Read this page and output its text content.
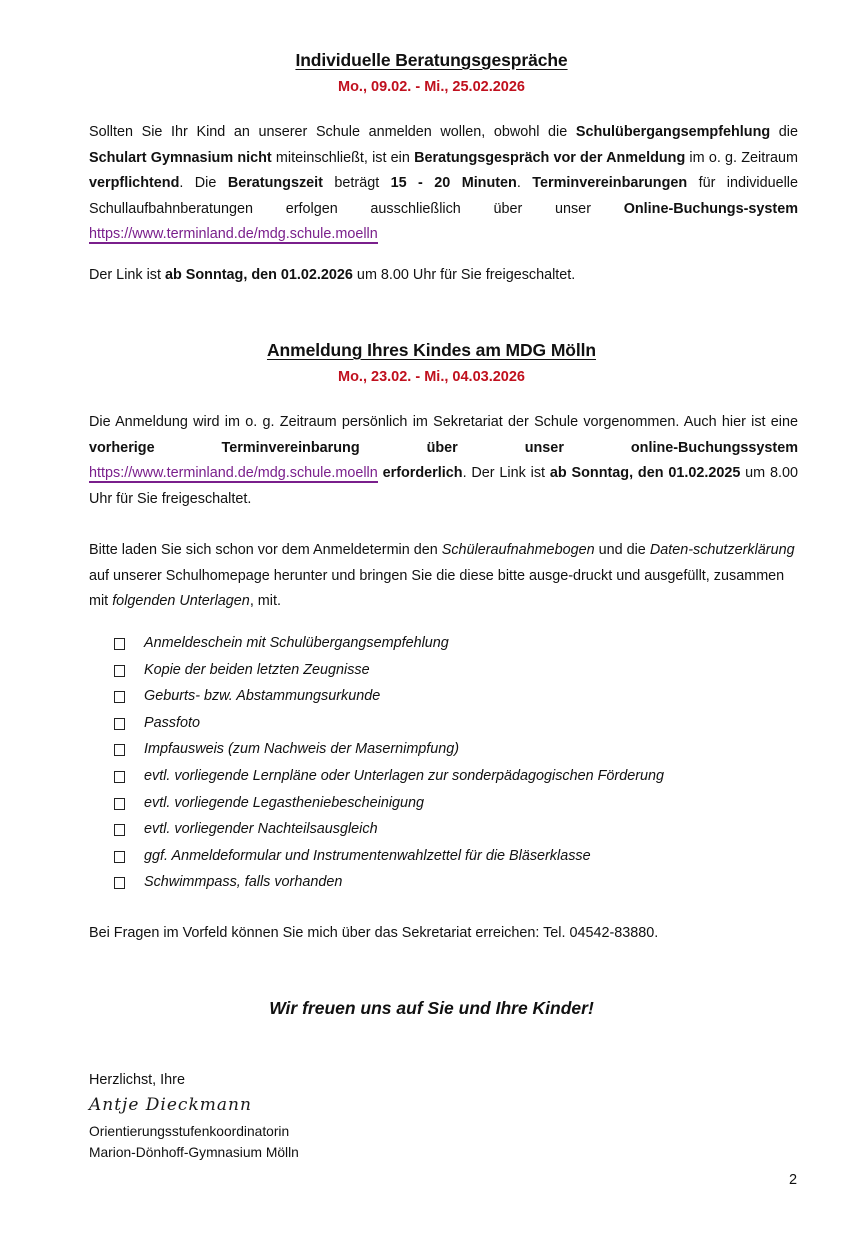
Individuelle Beratungsgespräche
Mo., 09.02. - Mi., 25.02.2026
Sollten Sie Ihr Kind an unserer Schule anmelden wollen, obwohl die Schulübergangsempfehlung die Schulart Gymnasium nicht miteinschließt, ist ein Beratungsgespräch vor der Anmeldung im o. g. Zeitraum verpflichtend. Die Beratungszeit beträgt 15 - 20 Minuten. Terminvereinbarungen für individuelle Schullaufbahnberatungen erfolgen ausschließlich über unser Online-Buchungs-system https://www.terminland.de/mdg.schule.moelln
Der Link ist ab Sonntag, den 01.02.2026 um 8.00 Uhr für Sie freigeschaltet.
Anmeldung Ihres Kindes am MDG Mölln
Mo., 23.02. - Mi., 04.03.2026
Die Anmeldung wird im o. g. Zeitraum persönlich im Sekretariat der Schule vorgenommen. Auch hier ist eine vorherige Terminvereinbarung über unser online-Buchungssystem https://www.terminland.de/mdg.schule.moelln erforderlich. Der Link ist ab Sonntag, den 01.02.2025 um 8.00 Uhr für Sie freigeschaltet.
Bitte laden Sie sich schon vor dem Anmeldetermin den Schüleraufnahmebogen und die Daten-schutzerklärung auf unserer Schulhomepage herunter und bringen Sie die diese bitte ausge-druckt und ausgefüllt, zusammen mit folgenden Unterlagen, mit.
Anmeldeschein mit Schulübergangsempfehlung
Kopie der beiden letzten Zeugnisse
Geburts- bzw. Abstammungsurkunde
Passfoto
Impfausweis (zum Nachweis der Masernimpfung)
evtl. vorliegende Lernpläne oder Unterlagen zur sonderpädagogischen Förderung
evtl. vorliegende Legastheniebescheinigung
evtl. vorliegender Nachteilsausgleich
ggf. Anmeldeformular und Instrumentenwahlzettel für die Bläserklasse
Schwimmpass, falls vorhanden
Bei Fragen im Vorfeld können Sie mich über das Sekretariat erreichen: Tel. 04542-83880.
Wir freuen uns auf Sie und Ihre Kinder!
Herzlichst, Ihre
Antje Dieckmann
Orientierungsstufenkoordinatorin
Marion-Dönhoff-Gymnasium Mölln
2
